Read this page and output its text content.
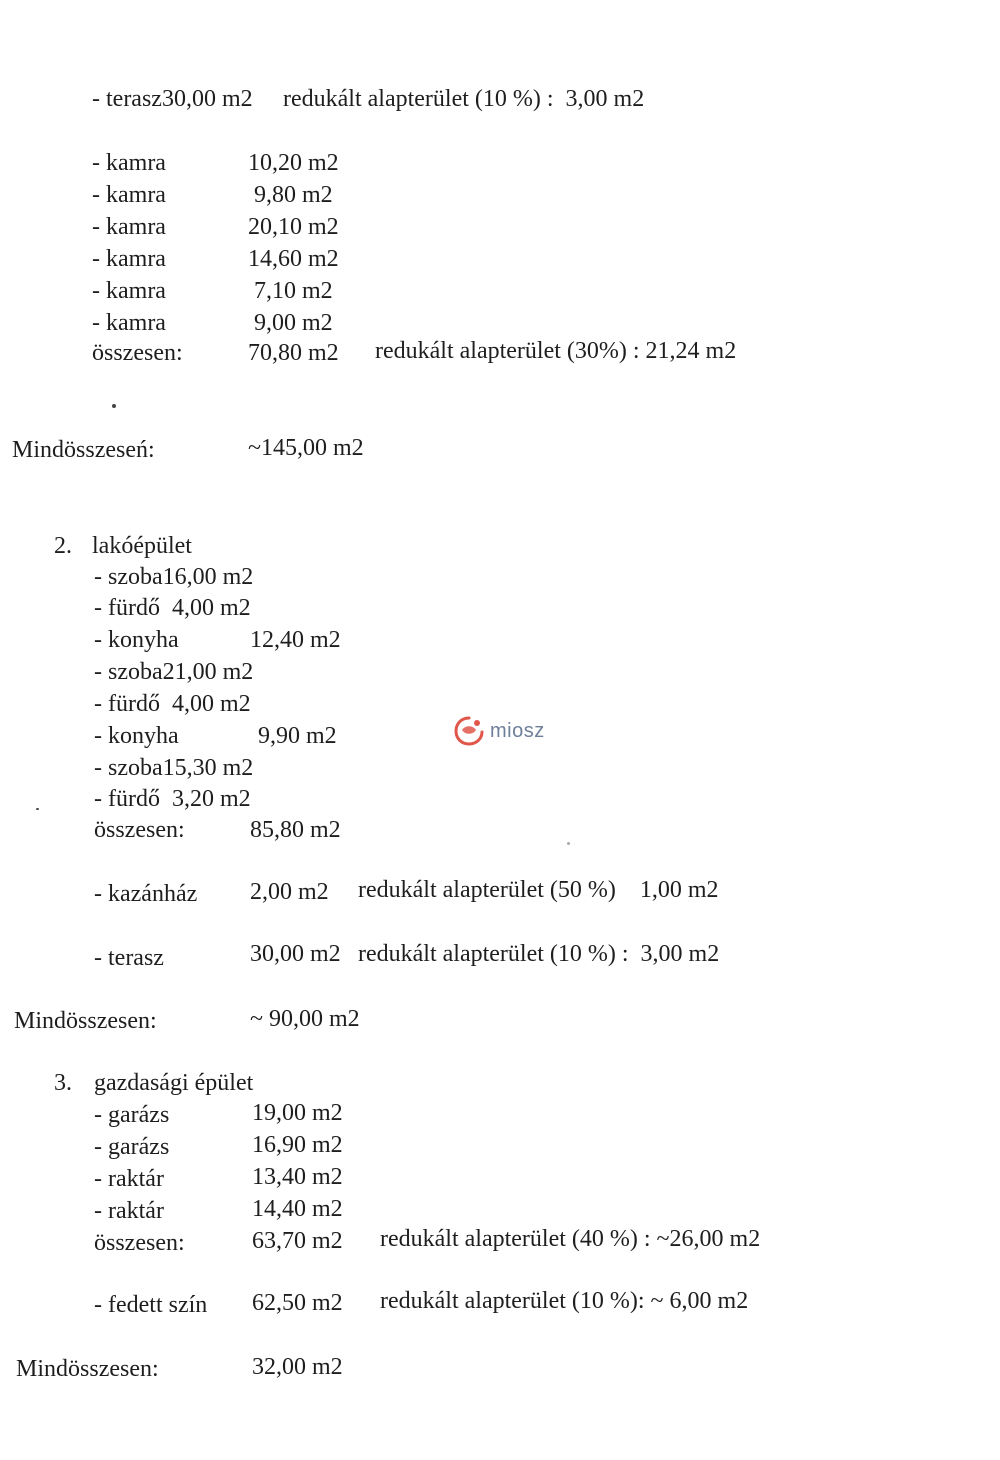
- terasz30,00 m2 redukált alapterület (10 %) :  3,00 m2
- kamra	10,20 m2
- kamra	9,80 m2
- kamra	20,10 m2
- kamra	14,60 m2
- kamra	7,10 m2
- kamra	9,00 m2
összesen:	70,80 m2 redukált alapterület (30%) : 21,24 m2
Mindösszeseń:	~145,00 m2
2. lakóépület
- szoba16,00 m2
- fürdő  4,00 m2
- konyha	12,40 m2
- szoba21,00 m2
- fürdő  4,00 m2
- konyha	9,90 m2
- szoba15,30 m2
- fürdő  3,20 m2
összesen:	85,80 m2
- kazánház 2,00 m2 redukált alapterület (50 %)    1,00 m2
- terasz	30,00 m2 redukált alapterület (10 %) :  3,00 m2
Mindösszesen:	~ 90,00 m2
3. gazdasági épület
- garázs	19,00 m2
- garázs	16,90 m2
- raktár	13,40 m2
- raktár	14,40 m2
összesen:	63,70 m2 redukált alapterület (40 %) : ~26,00 m2
- fedett szín 62,50 m2 redukált alapterület (10 %): ~ 6,00 m2
Mindösszesen:	32,00 m2
miosz
